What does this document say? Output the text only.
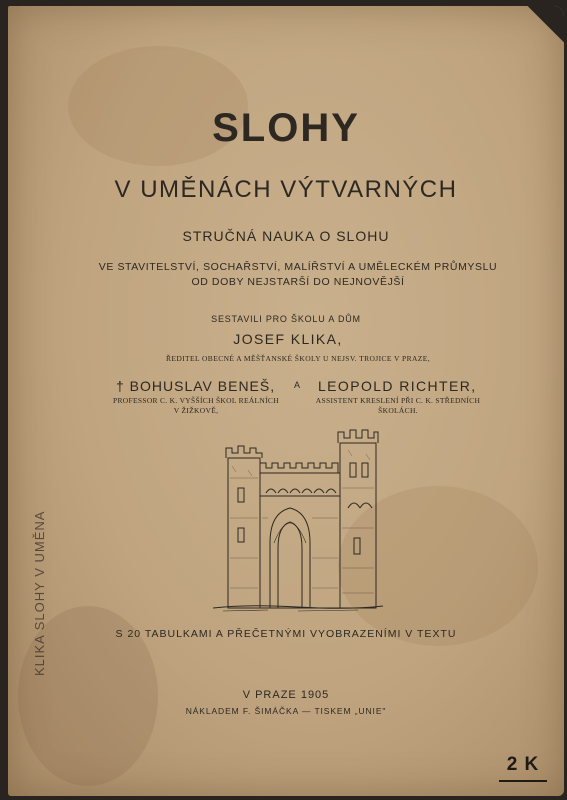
KLIKA SLOHY V UMĚNA
SLOHY
V UMĚNÁCH VÝTVARNÝCH
STRUČNÁ NAUKA O SLOHU
VE STAVITELSTVÍ, SOCHAŘSTVÍ, MALÍŘSTVÍ A UMĚLECKÉM PRŮMYSLU
OD DOBY NEJSTARŠÍ DO NEJNOVĚJŠÍ
SESTAVILI PRO ŠKOLU A DŮM
JOSEF KLIKA,
ŘEDITEL OBECNÉ A MĚŠŤANSKÉ ŠKOLY U NEJSV. TROJICE V PRAZE,
† BOHUSLAV BENEŠ, A LEOPOLD RICHTER,
PROFESSOR C. K. VYŠŠÍCH ŠKOL REÁLNÍCH
V ŽIŽKOVĚ,
ASSISTENT KRESLENÍ PŘI C. K. STŘEDNÍCH
ŠKOLÁCH.
S 20 TABULKAMI A PŘEČETNÝMI VYOBRAZENÍMI V TEXTU
V PRAZE 1905
NÁKLADEM F. ŠIMÁČKA — TISKEM „UNIE"
2 K
